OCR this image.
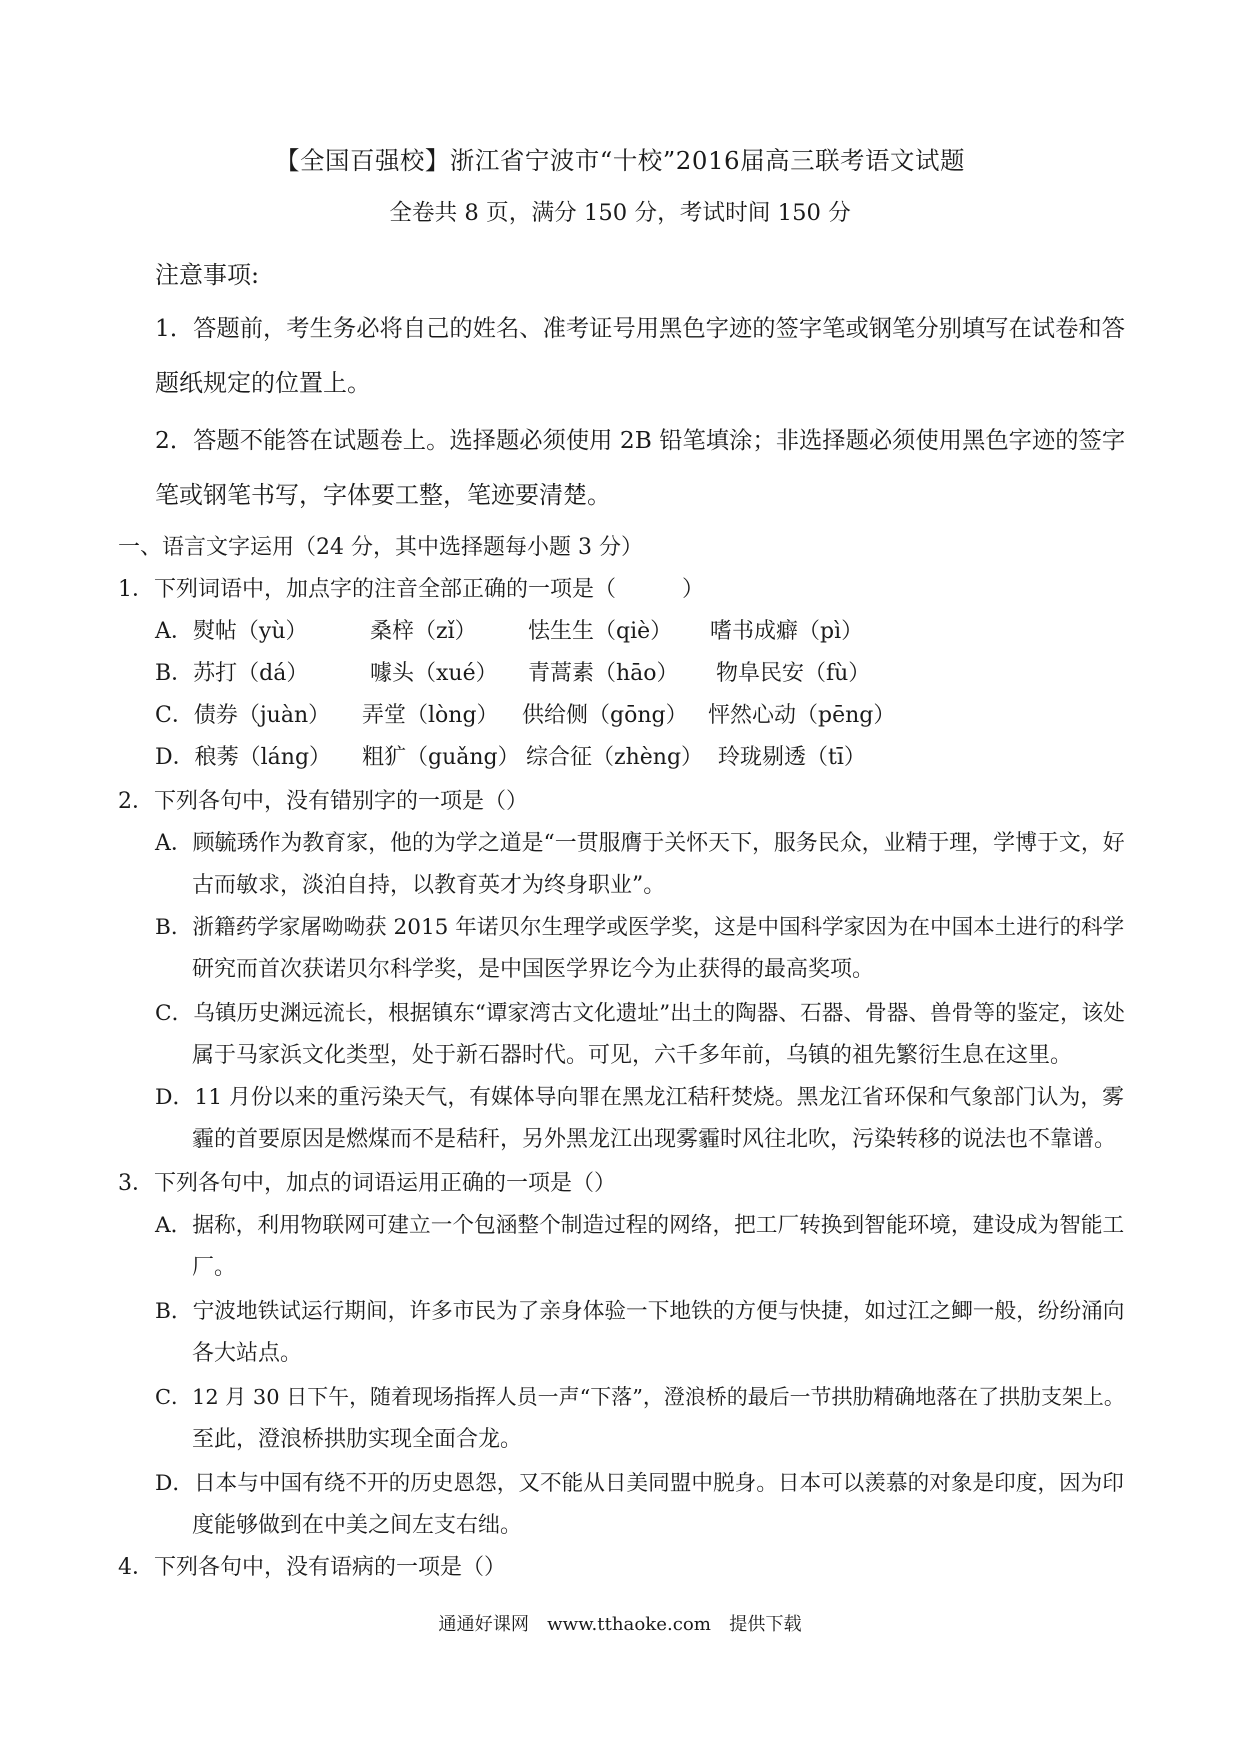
【全国百强校】浙江省宁波市“十校”2016届高三联考语文试题
全卷共 8 页，满分 150 分，考试时间 150 分
注意事项:
1．答题前，考生务必将自己的姓名、准考证号用黑色字迹的签字笔或钢笔分别填写在试卷和答
题纸规定的位置上。
2．答题不能答在试题卷上。选择题必须使用 2B 铅笔填涂；非选择题必须使用黑色字迹的签字
笔或钢笔书写，字体要工整，笔迹要清楚。
一、语言文字运用（24 分，其中选择题每小题 3 分）
1．下列词语中，加点字的注音全部正确的一项是（　　　）
A．熨帖（yù）	桑梓（zǐ） 怯生生（qiè） 嗜书成癖（pì）
B．苏打（dá）	噱头（xué） 青蒿素（hāo） 物阜民安（fù）
C．债券（juàn） 弄堂（lòng） 供给侧（gōng） 怦然心动（pēng）
D．稂莠（láng） 粗犷（guǎng） 综合征（zhèng） 玲珑剔透（tī）
2．下列各句中，没有错别字的一项是（）
A．顾毓琇作为教育家，他的为学之道是“一贯服膺于关怀天下，服务民众，业精于理，学博于文，好
古而敏求，淡泊自持，以教育英才为终身职业”。
B．浙籍药学家屠呦呦获 2015 年诺贝尔生理学或医学奖，这是中国科学家因为在中国本土进行的科学
研究而首次获诺贝尔科学奖，是中国医学界讫今为止获得的最高奖项。
C．乌镇历史渊远流长，根据镇东“谭家湾古文化遗址”出土的陶器、石器、骨器、兽骨等的鉴定，该处
属于马家浜文化类型，处于新石器时代。可见，六千多年前，乌镇的祖先繁衍生息在这里。
D．11 月份以来的重污染天气，有媒体导向罪在黑龙江秸秆焚烧。黑龙江省环保和气象部门认为，雾
霾的首要原因是燃煤而不是秸秆，另外黑龙江出现雾霾时风往北吹，污染转移的说法也不靠谱。
3．下列各句中，加点的词语运用正确的一项是（）
A．据称，利用物联网可建立一个包涵整个制造过程的网络，把工厂转换到智能环境，建设成为智能工
厂。
B．宁波地铁试运行期间，许多市民为了亲身体验一下地铁的方便与快捷，如过江之鲫一般，纷纷涌向
各大站点。
C．12 月 30 日下午，随着现场指挥人员一声“下落”，澄浪桥的最后一节拱肋精确地落在了拱肋支架上。
至此，澄浪桥拱肋实现全面合龙。
D．日本与中国有绕不开的历史恩怨，又不能从日美同盟中脱身。日本可以羡慕的对象是印度，因为印
度能够做到在中美之间左支右绌。
4．下列各句中，没有语病的一项是（）
通通好课网　www.tthaoke.com　提供下载
